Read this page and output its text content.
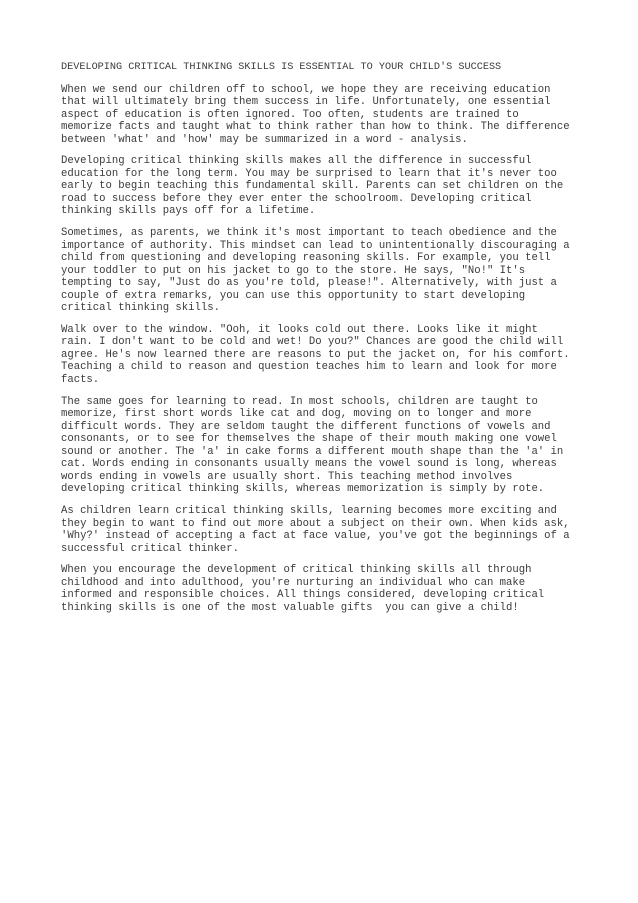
DEVELOPING CRITICAL THINKING SKILLS IS ESSENTIAL TO YOUR CHILD'S SUCCESS
When we send our children off to school, we hope they are receiving education
that will ultimately bring them success in life. Unfortunately, one essential
aspect of education is often ignored. Too often, students are trained to
memorize facts and taught what to think rather than how to think. The difference
between 'what' and 'how' may be summarized in a word - analysis.
Developing critical thinking skills makes all the difference in successful
education for the long term. You may be surprised to learn that it's never too
early to begin teaching this fundamental skill. Parents can set children on the
road to success before they ever enter the schoolroom. Developing critical
thinking skills pays off for a lifetime.
Sometimes, as parents, we think it's most important to teach obedience and the
importance of authority. This mindset can lead to unintentionally discouraging a
child from questioning and developing reasoning skills. For example, you tell
your toddler to put on his jacket to go to the store. He says, "No!" It's
tempting to say, "Just do as you're told, please!". Alternatively, with just a
couple of extra remarks, you can use this opportunity to start developing
critical thinking skills.
Walk over to the window. "Ooh, it looks cold out there. Looks like it might
rain. I don't want to be cold and wet! Do you?" Chances are good the child will
agree. He's now learned there are reasons to put the jacket on, for his comfort.
Teaching a child to reason and question teaches him to learn and look for more
facts.
The same goes for learning to read. In most schools, children are taught to
memorize, first short words like cat and dog, moving on to longer and more
difficult words. They are seldom taught the different functions of vowels and
consonants, or to see for themselves the shape of their mouth making one vowel
sound or another. The 'a' in cake forms a different mouth shape than the 'a' in
cat. Words ending in consonants usually means the vowel sound is long, whereas
words ending in vowels are usually short. This teaching method involves
developing critical thinking skills, whereas memorization is simply by rote.
As children learn critical thinking skills, learning becomes more exciting and
they begin to want to find out more about a subject on their own. When kids ask,
'Why?' instead of accepting a fact at face value, you've got the beginnings of a
successful critical thinker.
When you encourage the development of critical thinking skills all through
childhood and into adulthood, you're nurturing an individual who can make
informed and responsible choices. All things considered, developing critical
thinking skills is one of the most valuable gifts  you can give a child!
